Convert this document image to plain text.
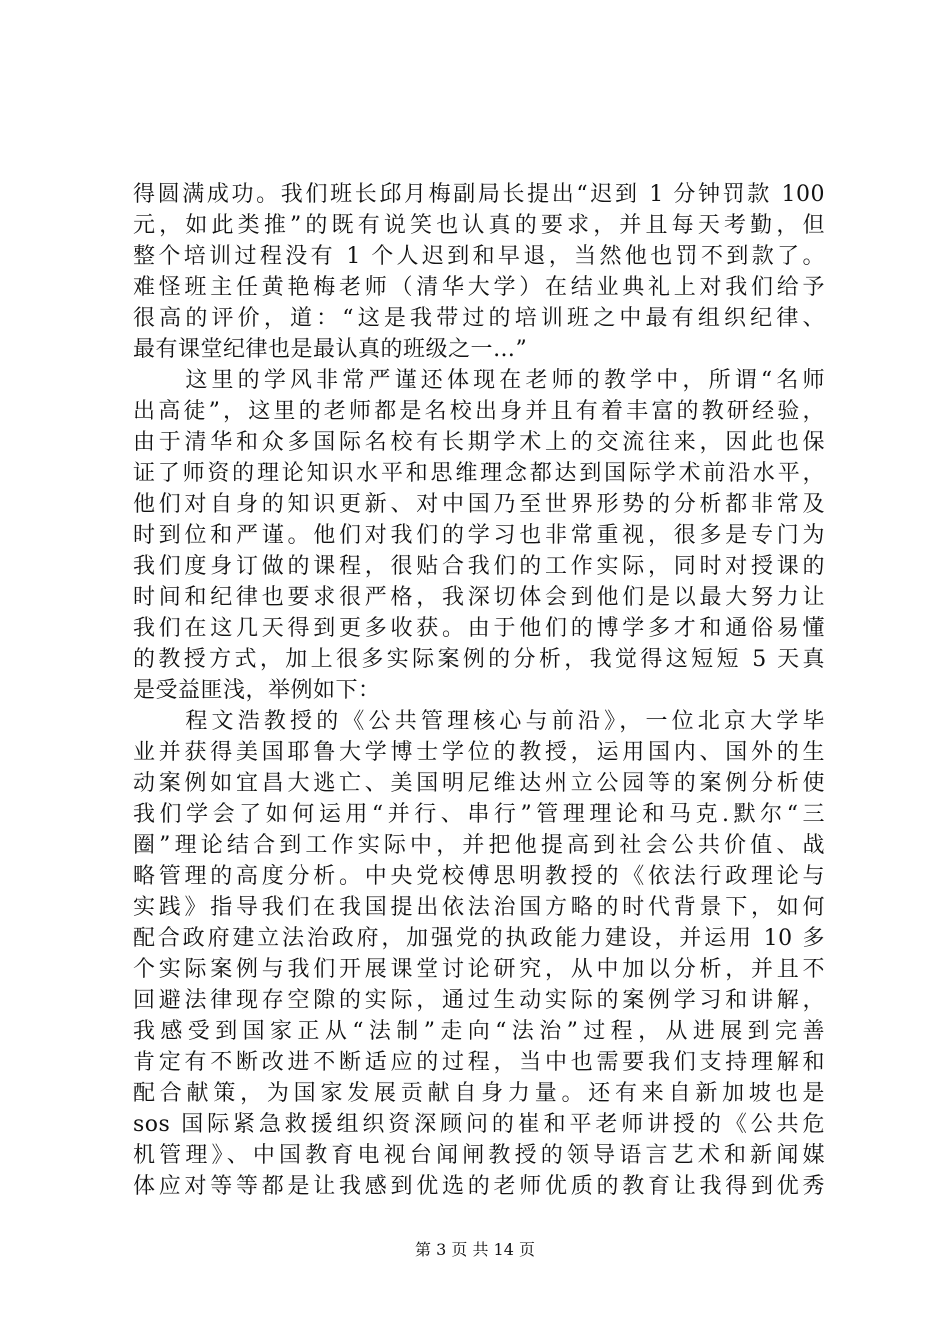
得圆满成功。我们班长邱月梅副局长提出“迟到 1 分钟罚款 100
元，如此类推”的既有说笑也认真的要求，并且每天考勤，但
整个培训过程没有 1 个人迟到和早退，当然他也罚不到款了。
难怪班主任黄艳梅老师（清华大学）在结业典礼上对我们给予
很高的评价，道：“这是我带过的培训班之中最有组织纪律、
最有课堂纪律也是最认真的班级之一…”
　　这里的学风非常严谨还体现在老师的教学中，所谓“名师
出高徒”，这里的老师都是名校出身并且有着丰富的教研经验，
由于清华和众多国际名校有长期学术上的交流往来，因此也保
证了师资的理论知识水平和思维理念都达到国际学术前沿水平，
他们对自身的知识更新、对中国乃至世界形势的分析都非常及
时到位和严谨。他们对我们的学习也非常重视，很多是专门为
我们度身订做的课程，很贴合我们的工作实际，同时对授课的
时间和纪律也要求很严格，我深切体会到他们是以最大努力让
我们在这几天得到更多收获。由于他们的博学多才和通俗易懂
的教授方式，加上很多实际案例的分析，我觉得这短短 5 天真
是受益匪浅，举例如下：
　　程文浩教授的《公共管理核心与前沿》，一位北京大学毕
业并获得美国耶鲁大学博士学位的教授，运用国内、国外的生
动案例如宜昌大逃亡、美国明尼维达州立公园等的案例分析使
我们学会了如何运用“并行、串行”管理理论和马克.默尔“三
圈”理论结合到工作实际中，并把他提高到社会公共价值、战
略管理的高度分析。中央党校傅思明教授的《依法行政理论与
实践》指导我们在我国提出依法治国方略的时代背景下，如何
配合政府建立法治政府，加强党的执政能力建设，并运用 10 多
个实际案例与我们开展课堂讨论研究，从中加以分析，并且不
回避法律现存空隙的实际，通过生动实际的案例学习和讲解，
我感受到国家正从“法制”走向“法治”过程，从进展到完善
肯定有不断改进不断适应的过程，当中也需要我们支持理解和
配合献策，为国家发展贡献自身力量。还有来自新加坡也是
sos 国际紧急救援组织资深顾问的崔和平老师讲授的《公共危
机管理》、中国教育电视台闻闸教授的领导语言艺术和新闻媒
体应对等等都是让我感到优选的老师优质的教育让我得到优秀
第 3 页 共 14 页
